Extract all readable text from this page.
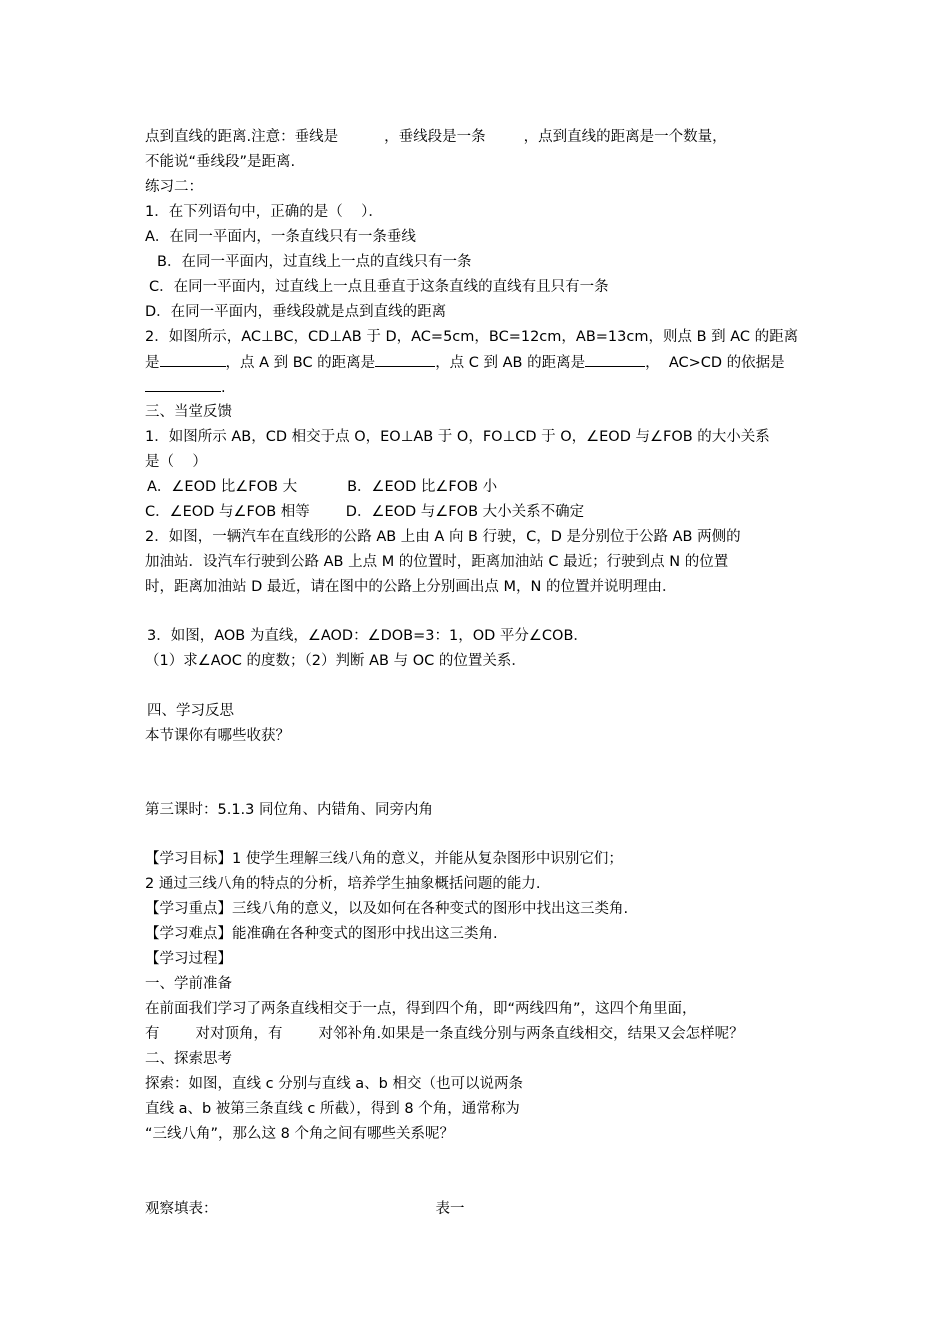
点到直线的距离.注意：垂线是	，垂线段是一条	，点到直线的距离是一个数量，

不能说“垂线段”是距离.

练习二：

1．在下列语句中，正确的是（    ）．

A．在同一平面内，一条直线只有一条垂线

B．在同一平面内，过直线上一点的直线只有一条

C．在同一平面内，过直线上一点且垂直于这条直线的直线有且只有一条

D．在同一平面内，垂线段就是点到直线的距离

2．如图所示，AC⊥BC，CD⊥AB 于 D，AC=5cm，BC=12cm，AB=13cm，则点 B 到 AC 的距离

是	，点 A 到 BC 的距离是	，点 C 到 AB 的距离是	，  AC>CD 的依据是

.

三、当堂反馈

1．如图所示 AB，CD 相交于点 O，EO⊥AB 于 O，FO⊥CD 于 O，∠EOD 与∠FOB 的大小关系

是（    ）

A．∠EOD 比∠FOB 大	B．∠EOD 比∠FOB 小

C．∠EOD 与∠FOB 相等 D．∠EOD 与∠FOB 大小关系不确定

2．如图，一辆汽车在直线形的公路 AB 上由 A 向 B 行驶，C，D 是分别位于公路 AB 两侧的

加油站．设汽车行驶到公路 AB 上点 M 的位置时，距离加油站 C 最近；行驶到点 N 的位置

时，距离加油站 D 最近，请在图中的公路上分别画出点 M，N 的位置并说明理由．

3．如图，AOB 为直线，∠AOD：∠DOB=3：1，OD 平分∠COB．

（1）求∠AOC 的度数；（2）判断 AB 与 OC 的位置关系．

四、学习反思

本节课你有哪些收获？

第三课时：5.1.3 同位角、内错角、同旁内角

【学习目标】1 使学生理解三线八角的意义，并能从复杂图形中识别它们；

2 通过三线八角的特点的分析，培养学生抽象概括问题的能力.

【学习重点】三线八角的意义，以及如何在各种变式的图形中找出这三类角.

【学习难点】能准确在各种变式的图形中找出这三类角.

【学习过程】

一、学前准备

在前面我们学习了两条直线相交于一点，得到四个角，即“两线四角”，这四个角里面，

有 对对顶角，有 对邻补角.如果是一条直线分别与两条直线相交，结果又会怎样呢？

二、探索思考

探索：如图，直线 c 分别与直线 a、b 相交（也可以说两条

直线 a、b 被第三条直线 c 所截），得到 8 个角，通常称为

“三线八角”，那么这 8 个角之间有哪些关系呢？

观察填表：	表一
